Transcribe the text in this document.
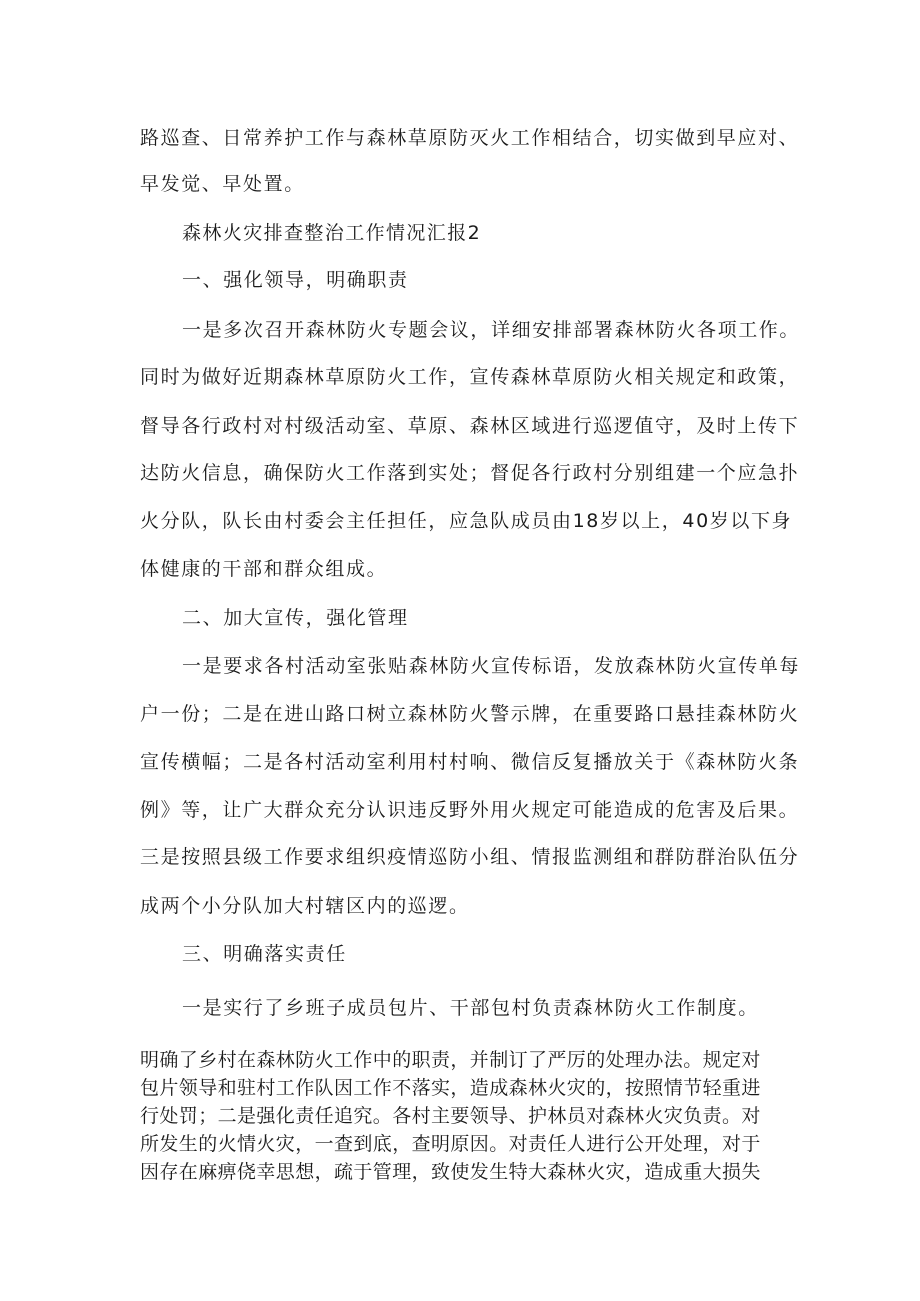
路巡查、日常养护工作与森林草原防灭火工作相结合，切实做到早应对、
早发觉、早处置。
森林火灾排查整治工作情况汇报2
一、强化领导，明确职责
一是多次召开森林防火专题会议，详细安排部署森林防火各项工作。
同时为做好近期森林草原防火工作，宣传森林草原防火相关规定和政策，
督导各行政村对村级活动室、草原、森林区域进行巡逻值守，及时上传下
达防火信息，确保防火工作落到实处；督促各行政村分别组建一个应急扑
火分队，队长由村委会主任担任，应急队成员由18岁以上，40岁以下身
体健康的干部和群众组成。
二、加大宣传，强化管理
一是要求各村活动室张贴森林防火宣传标语，发放森林防火宣传单每
户一份；二是在进山路口树立森林防火警示牌，在重要路口悬挂森林防火
宣传横幅；二是各村活动室利用村村响、微信反复播放关于《森林防火条
例》等，让广大群众充分认识违反野外用火规定可能造成的危害及后果。
三是按照县级工作要求组织疫情巡防小组、情报监测组和群防群治队伍分
成两个小分队加大村辖区内的巡逻。
三、明确落实责任
一是实行了乡班子成员包片、干部包村负责森林防火工作制度。
明确了乡村在森林防火工作中的职责，并制订了严厉的处理办法。规定对
包片领导和驻村工作队因工作不落实，造成森林火灾的，按照情节轻重进
行处罚；二是强化责任追究。各村主要领导、护林员对森林火灾负责。对
所发生的火情火灾，一查到底，查明原因。对责任人进行公开处理，对于
因存在麻痹侥幸思想，疏于管理，致使发生特大森林火灾，造成重大损失
